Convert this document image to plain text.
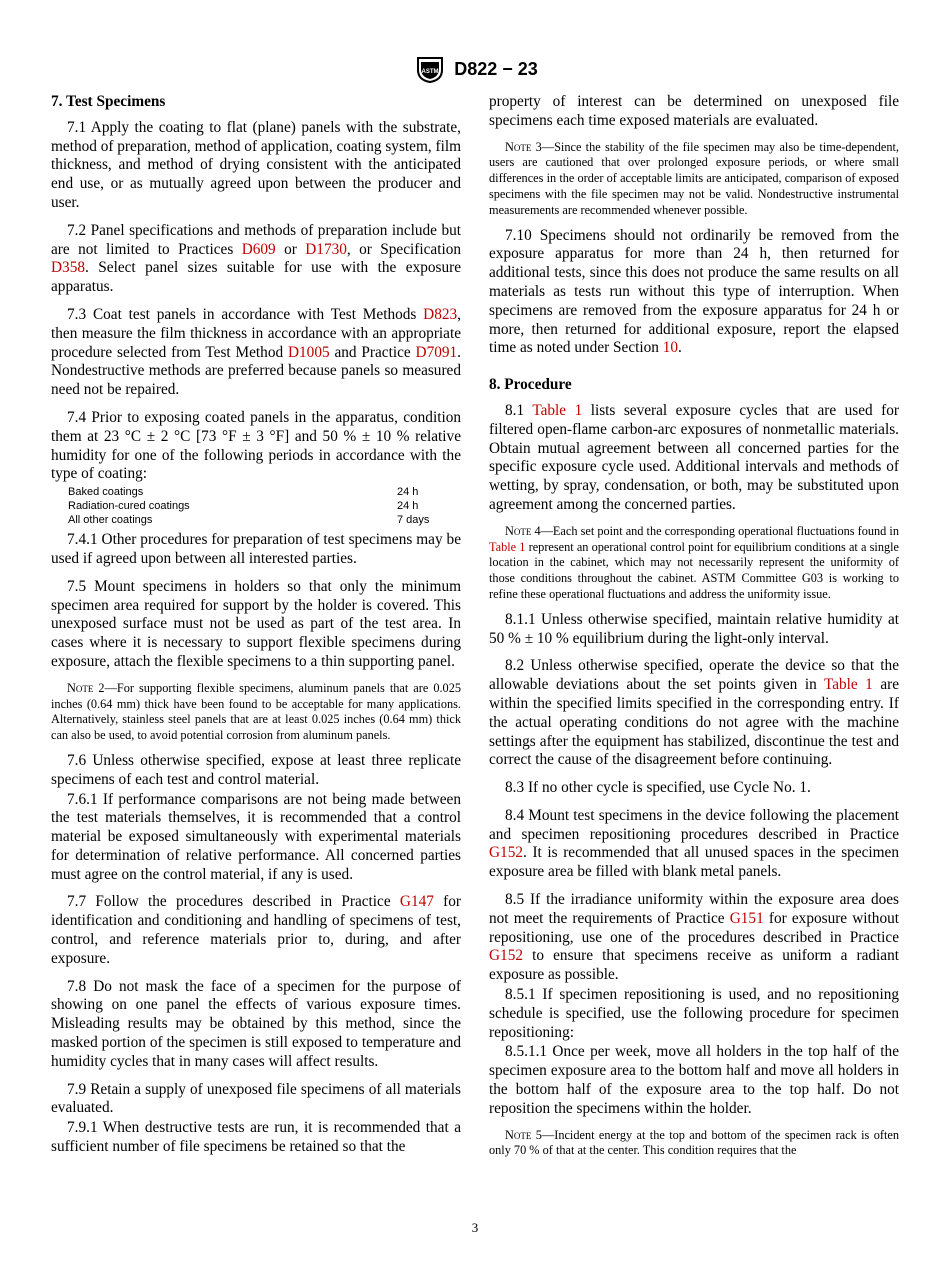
ASTM D822 − 23
7. Test Specimens

7.1 Apply the coating to flat (plane) panels with the substrate, method of preparation, method of application, coating system, film thickness, and method of drying consistent with the anticipated end use, or as mutually agreed upon between the producer and user.

7.2 Panel specifications and methods of preparation include but are not limited to Practices D609 or D1730, or Specification D358. Select panel sizes suitable for use with the exposure apparatus.

7.3 Coat test panels in accordance with Test Methods D823, then measure the film thickness in accordance with an appropriate procedure selected from Test Method D1005 and Practice D7091. Nondestructive methods are preferred because panels so measured need not be repaired.

7.4 Prior to exposing coated panels in the apparatus, condition them at 23 °C ± 2 °C [73 °F ± 3 °F] and 50 % ± 10 % relative humidity for one of the following periods in accordance with the type of coating:

Baked coatings	24 h
Radiation-cured coatings	24 h
All other coatings	7 days

7.4.1 Other procedures for preparation of test specimens may be used if agreed upon between all interested parties.

7.5 Mount specimens in holders so that only the minimum specimen area required for support by the holder is covered. This unexposed surface must not be used as part of the test area. In cases where it is necessary to support flexible specimens during exposure, attach the flexible specimens to a thin supporting panel.

Note 2—For supporting flexible specimens, aluminum panels that are 0.025 inches (0.64 mm) thick have been found to be acceptable for many applications. Alternatively, stainless steel panels that are at least 0.025 inches (0.64 mm) thick can also be used, to avoid potential corrosion from aluminum panels.

7.6 Unless otherwise specified, expose at least three replicate specimens of each test and control material.

7.6.1 If performance comparisons are not being made between the test materials themselves, it is recommended that a control material be exposed simultaneously with experimental materials for determination of relative performance. All concerned parties must agree on the control material, if any is used.

7.7 Follow the procedures described in Practice G147 for identification and conditioning and handling of specimens of test, control, and reference materials prior to, during, and after exposure.

7.8 Do not mask the face of a specimen for the purpose of showing on one panel the effects of various exposure times. Misleading results may be obtained by this method, since the masked portion of the specimen is still exposed to temperature and humidity cycles that in many cases will affect results.

7.9 Retain a supply of unexposed file specimens of all materials evaluated.

7.9.1 When destructive tests are run, it is recommended that a sufficient number of file specimens be retained so that the

property of interest can be determined on unexposed file specimens each time exposed materials are evaluated.

Note 3—Since the stability of the file specimen may also be time-dependent, users are cautioned that over prolonged exposure periods, or where small differences in the order of acceptable limits are anticipated, comparison of exposed specimens with the file specimen may not be valid. Nondestructive instrumental measurements are recommended whenever possible.

7.10 Specimens should not ordinarily be removed from the exposure apparatus for more than 24 h, then returned for additional tests, since this does not produce the same results on all materials as tests run without this type of interruption. When specimens are removed from the exposure apparatus for 24 h or more, then returned for additional exposure, report the elapsed time as noted under Section 10.

8. Procedure

8.1 Table 1 lists several exposure cycles that are used for filtered open-flame carbon-arc exposures of nonmetallic materials. Obtain mutual agreement between all concerned parties for the specific exposure cycle used. Additional intervals and methods of wetting, by spray, condensation, or both, may be substituted upon agreement among the concerned parties.

Note 4—Each set point and the corresponding operational fluctuations found in Table 1 represent an operational control point for equilibrium conditions at a single location in the cabinet, which may not necessarily represent the uniformity of those conditions throughout the cabinet. ASTM Committee G03 is working to refine these operational fluctuations and address the uniformity issue.

8.1.1 Unless otherwise specified, maintain relative humidity at 50 % ± 10 % equilibrium during the light-only interval.

8.2 Unless otherwise specified, operate the device so that the allowable deviations about the set points given in Table 1 are within the specified limits specified in the corresponding entry. If the actual operating conditions do not agree with the machine settings after the equipment has stabilized, discontinue the test and correct the cause of the disagreement before continuing.

8.3 If no other cycle is specified, use Cycle No. 1.

8.4 Mount test specimens in the device following the placement and specimen repositioning procedures described in Practice G152. It is recommended that all unused spaces in the specimen exposure area be filled with blank metal panels.

8.5 If the irradiance uniformity within the exposure area does not meet the requirements of Practice G151 for exposure without repositioning, use one of the procedures described in Practice G152 to ensure that specimens receive as uniform a radiant exposure as possible.

8.5.1 If specimen repositioning is used, and no repositioning schedule is specified, use the following procedure for specimen repositioning:

8.5.1.1 Once per week, move all holders in the top half of the specimen exposure area to the bottom half and move all holders in the bottom half of the exposure area to the top half. Do not reposition the specimens within the holder.

Note 5—Incident energy at the top and bottom of the specimen rack is often only 70 % of that at the center. This condition requires that the
3
